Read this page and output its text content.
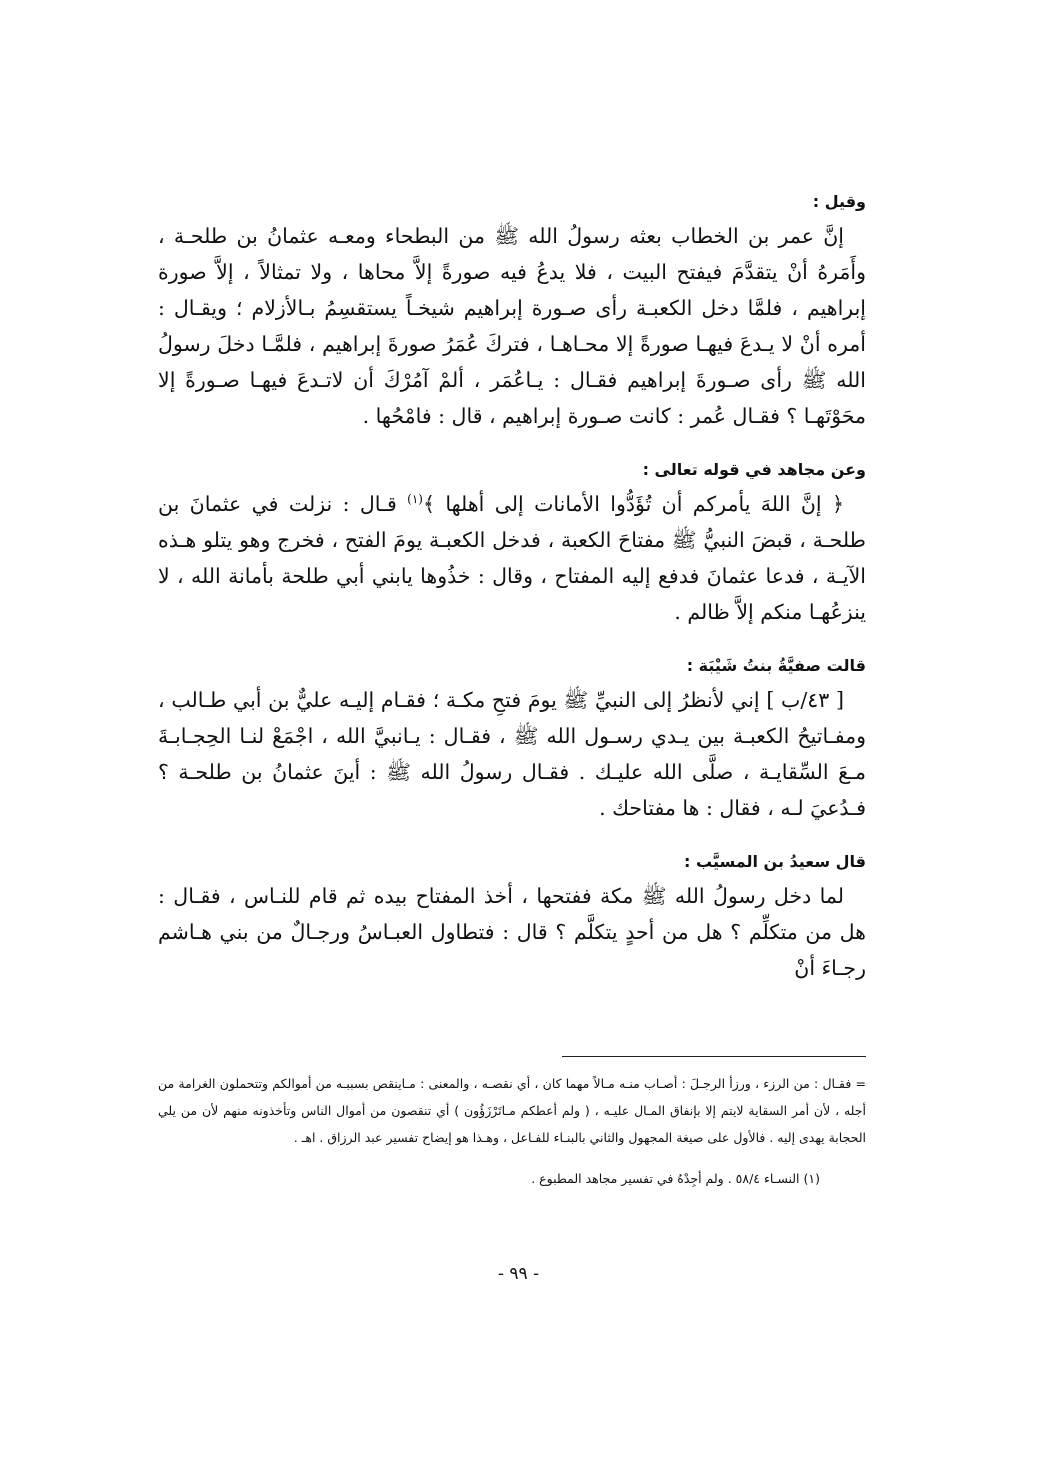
وقيل :

إنَّ عمر بن الخطاب بعثه رسولُ الله ﷺ من البطحاء ومعـه عثمانُ بن طلحـة ، وأَمَرهُ أنْ يتقدَّمَ فيفتح البيت ، فلا يدعُ فيه صورةً إلاَّ محاها ، ولا تمثالاً ، إلاَّ صورة إبراهيم ، فلمَّا دخل الكعبـة رأى صـورة إبراهيم شيخـاً يستقسِمُ بـالأزلام ؛ ويقـال : أمره أنْ لا يـدعَ فيهـا صورةً إلا محـاهـا ، فتركَ عُمَرُ صورةَ إبراهيم ، فلمَّـا دخلَ رسولُ الله ﷺ رأى صـورةَ إبراهيم فقـال : يـاعُمَر ، ألمْ آمُرْكَ أن لاتـدعَ فيهـا صـورةً إلا محَوْتَهـا ؟ فقـال عُمر : كانت صـورة إبراهيم ، قال : فامْحُها .

وعن مجاهد في قوله تعالى :

﴿ إنَّ اللهَ يأمركم أن تُؤَدُّوا الأمانات إلى أهلها ﴾$^{(١)}$ قـال : نزلت في عثمانَ بن طلحـة ، قبضَ النبيُّ ﷺ مفتاحَ الكعبة ، فدخل الكعبـة يومَ الفتح ، فخرج وهو يتلو هـذه الآيـة ، فدعا عثمانَ فدفع إليه المفتاح ، وقال : خذُوها يابني أبي طلحة بأمانة الله ، لا ينزعُهـا منكم إلاَّ ظالم .

قالت صفيَّةُ بنتُ شَيْبَة :

[ ٤٣/ب ] إني لأنظرُ إلى النبيِّ ﷺ يومَ فتحِ مكـة ؛ فقـام إليـه عليٌّ بن أبي طـالب ، ومفـاتيحُ الكعبـة بين يـدي رسـول الله ﷺ ، فقـال : يـانبيَّ الله ، اجْمَعْ لنـا الحِجـابـةَ مـعَ السِّقايـة ، صلَّى الله عليـك . فقـال رسولُ الله ﷺ : أينَ عثمانُ بن طلحـة ؟ فـدُعيَ لـه ، فقال : ها مفتاحك .

قال سعيدُ بن المسيَّب :

لما دخل رسولُ الله ﷺ مكة ففتحها ، أخذ المفتاح بيده ثم قام للنـاس ، فقـال : هل من متكلِّم ؟ هل من أحدٍ يتكلَّم ؟ قال : فتطاول العبـاسُ ورجـالٌ من بني هـاشم رجـاءَ أنْ

= فقـال : من الرزء ، ورزأ الرجـلَ : أصـاب منـه مـالاً مهما كان ، أي نقصـه ، والمعنى : مـاينقص بسببـه من أموالكم وتتحملون الغرامة من أجله ، لأن أمر السقاية لايتم إلا بإنفاق المـال عليـه ، ( ولم أعطكم مـاتَرْزَؤُون ) أي تنقصون من أموال الناس وتأخذونه منهم لأن من يلي الحجابة يهدى إليه . فالأول على صيغة المجهول والثاني بالبنـاء للفـاعل ، وهـذا هو إيضاح تفسير عبد الرزاق . اهـ .

(١) النسـاء ٥٨/٤ . ولم أجِدْهُ في تفسير مجاهد المطبوع .

- ٩٩ -
